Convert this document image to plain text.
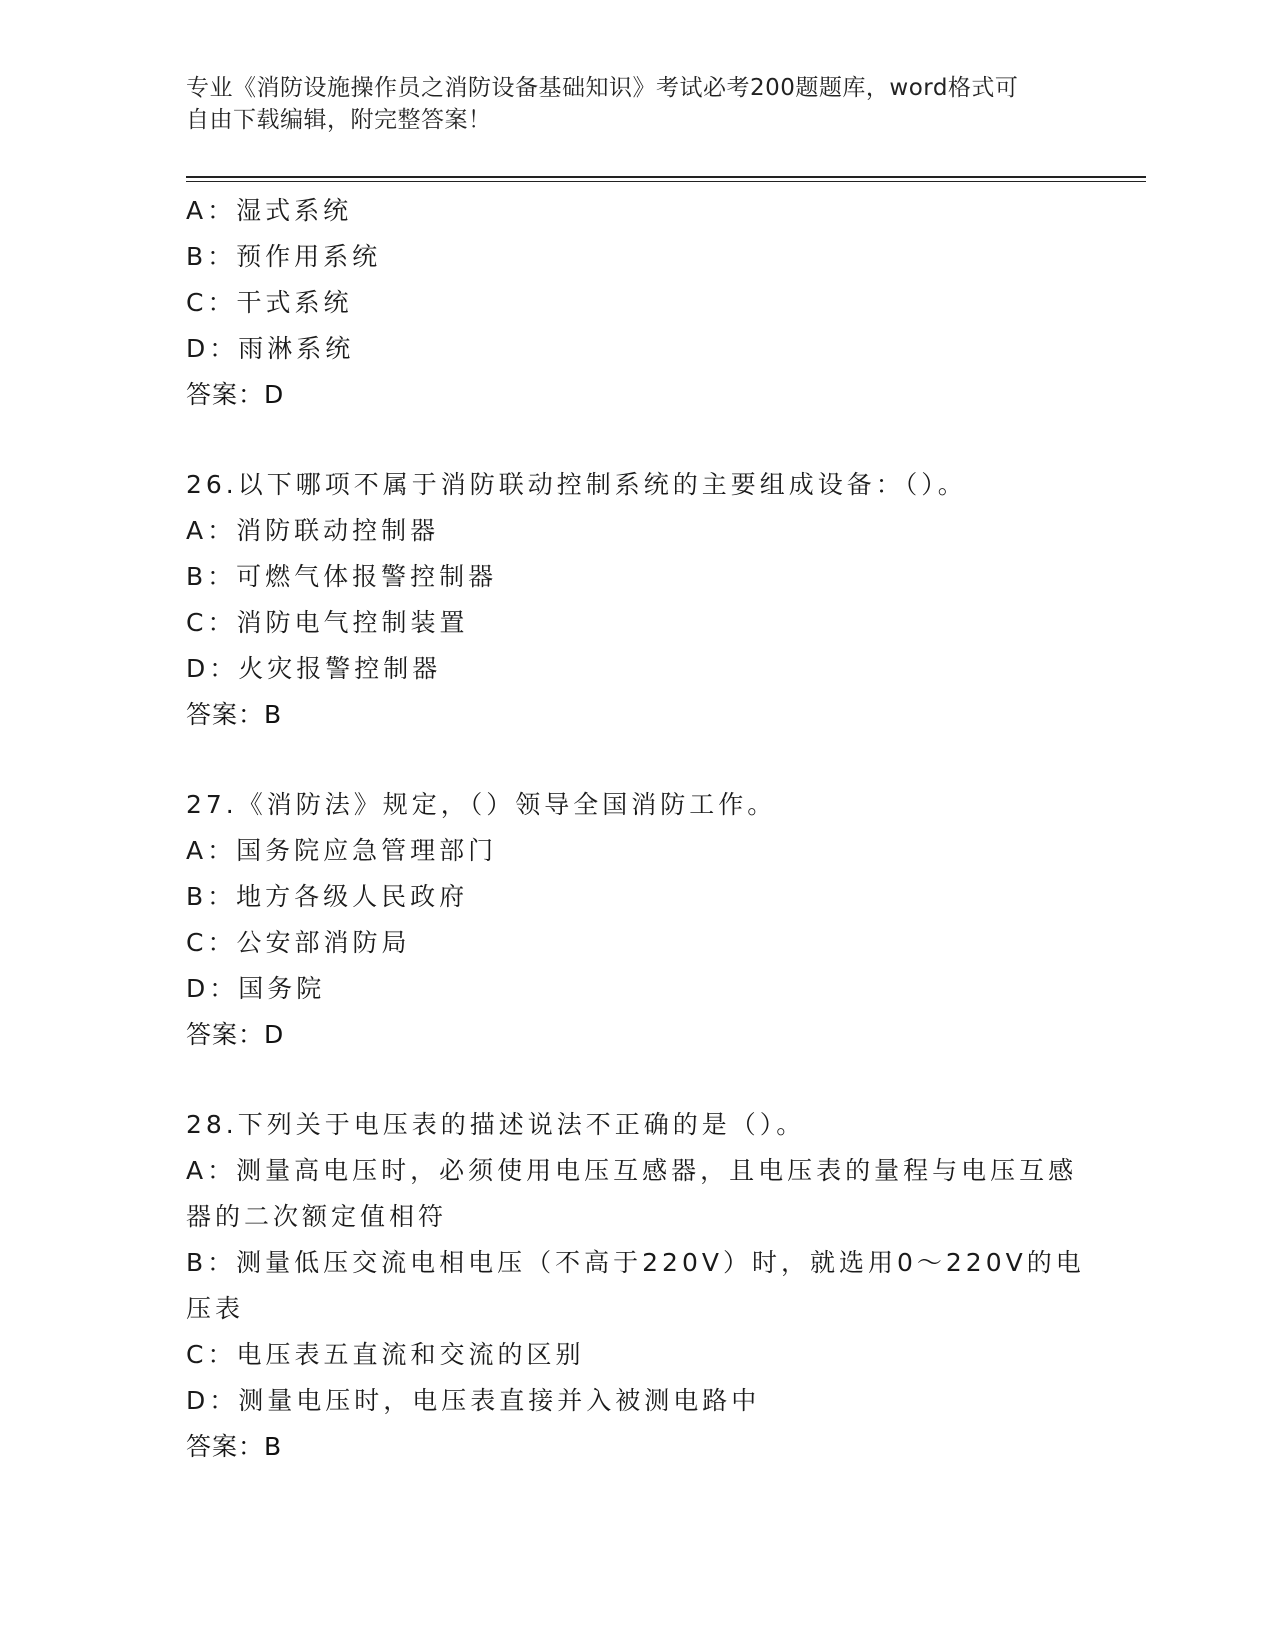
专业《消防设施操作员之消防设备基础知识》考试必考200题题库，word格式可
自由下载编辑，附完整答案！
A：湿式系统
B：预作用系统
C：干式系统
D：雨淋系统
答案：D
26.以下哪项不属于消防联动控制系统的主要组成设备：（）。
A：消防联动控制器
B：可燃气体报警控制器
C：消防电气控制装置
D：火灾报警控制器
答案：B
27.《消防法》规定，（）领导全国消防工作。
A：国务院应急管理部门
B：地方各级人民政府
C：公安部消防局
D：国务院
答案：D
28.下列关于电压表的描述说法不正确的是（）。
A：测量高电压时，必须使用电压互感器，且电压表的量程与电压互感器的二次额定值相符
B：测量低压交流电相电压（不高于220V）时，就选用0～220V的电压表
C：电压表五直流和交流的区别
D：测量电压时，电压表直接并入被测电路中
答案：B
